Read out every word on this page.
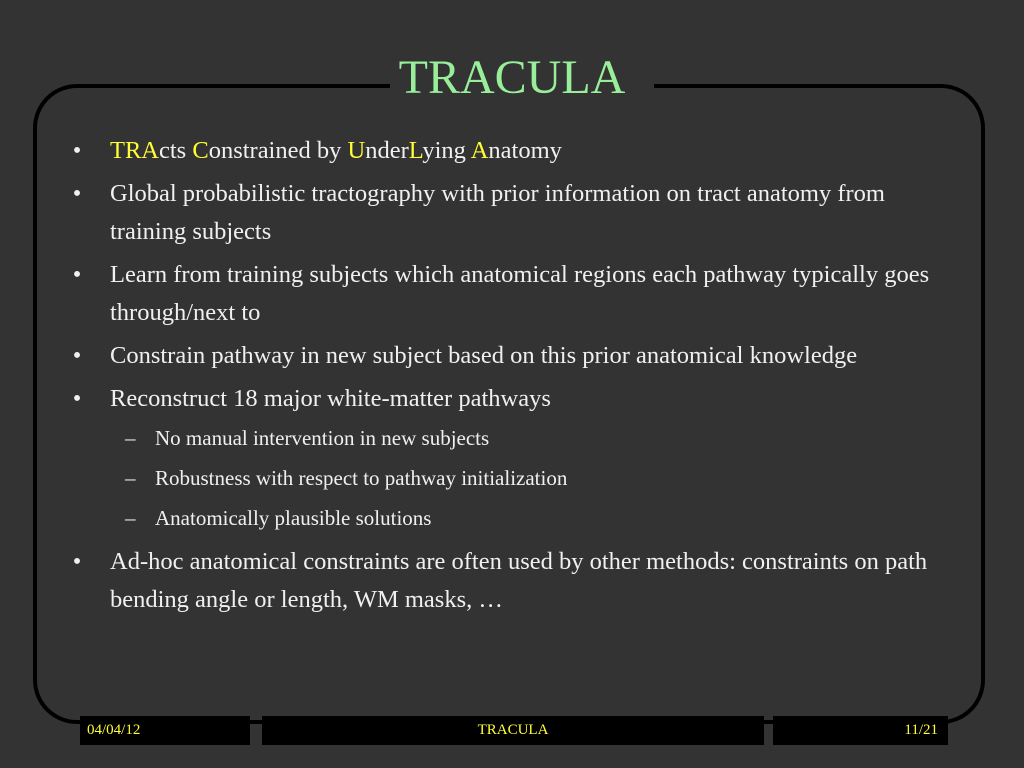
TRACULA
• TRActs Constrained by UnderLying Anatomy
• Global probabilistic tractography with prior information on tract anatomy from training subjects
• Learn from training subjects which anatomical regions each pathway typically goes through/next to
• Constrain pathway in new subject based on this prior anatomical knowledge
• Reconstruct 18 major white-matter pathways
– No manual intervention in new subjects
– Robustness with respect to pathway initialization
– Anatomically plausible solutions
• Ad-hoc anatomical constraints are often used by other methods: constraints on path bending angle or length, WM masks, …
04/04/12	TRACULA	11/21
